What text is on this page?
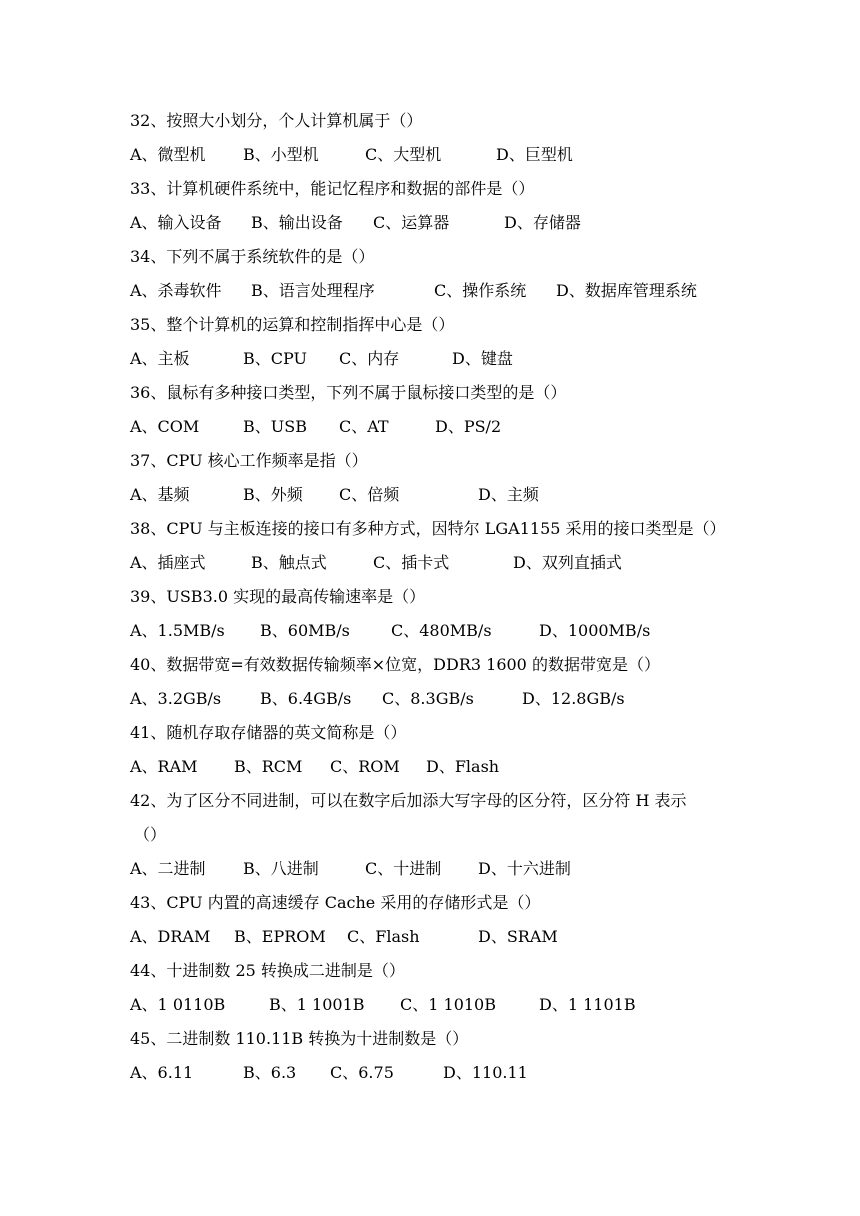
32、按照大小划分，个人计算机属于（）
A、微型机 B、小型机	C、大型机	D、巨型机
33、计算机硬件系统中，能记忆程序和数据的部件是（）
A、输入设备 B、输出设备 C、运算器	D、存储器
34、下列不属于系统软件的是（）
A、杀毒软件 B、语言处理程序	C、操作系统 D、数据库管理系统
35、整个计算机的运算和控制指挥中心是（）
A、主板	B、CPU C、内存	D、键盘
36、鼠标有多种接口类型，下列不属于鼠标接口类型的是（）
A、COM	B、USB C、AT	D、PS/2
37、CPU 核心工作频率是指（）
A、基频	B、外频 C、倍频	D、主频
38、CPU 与主板连接的接口有多种方式，因特尔 LGA1155 采用的接口类型是（）
A、插座式	B、触点式	C、插卡式	D、双列直插式
39、USB3.0 实现的最高传输速率是（）
A、1.5MB/s B、60MB/s	C、480MB/s	D、1000MB/s
40、数据带宽=有效数据传输频率×位宽，DDR3 1600 的数据带宽是（）
A、3.2GB/s B、6.4GB/s C、8.3GB/s	D、12.8GB/s
41、随机存取存储器的英文简称是（）
A、RAM B、RCM C、ROM D、Flash
42、为了区分不同进制，可以在数字后加添大写字母的区分符，区分符 H 表示
（）
A、二进制 B、八进制	C、十进制 D、十六进制
43、CPU 内置的高速缓存 Cache 采用的存储形式是（）
A、DRAM B、EPROM C、Flash	D、SRAM
44、十进制数 25 转换成二进制是（）
A、1 0110B	B、1 1001B C、1 1010B	D、1 1101B
45、二进制数 110.11B 转换为十进制数是（）
A、6.11	B、6.3 C、6.75	D、110.11
